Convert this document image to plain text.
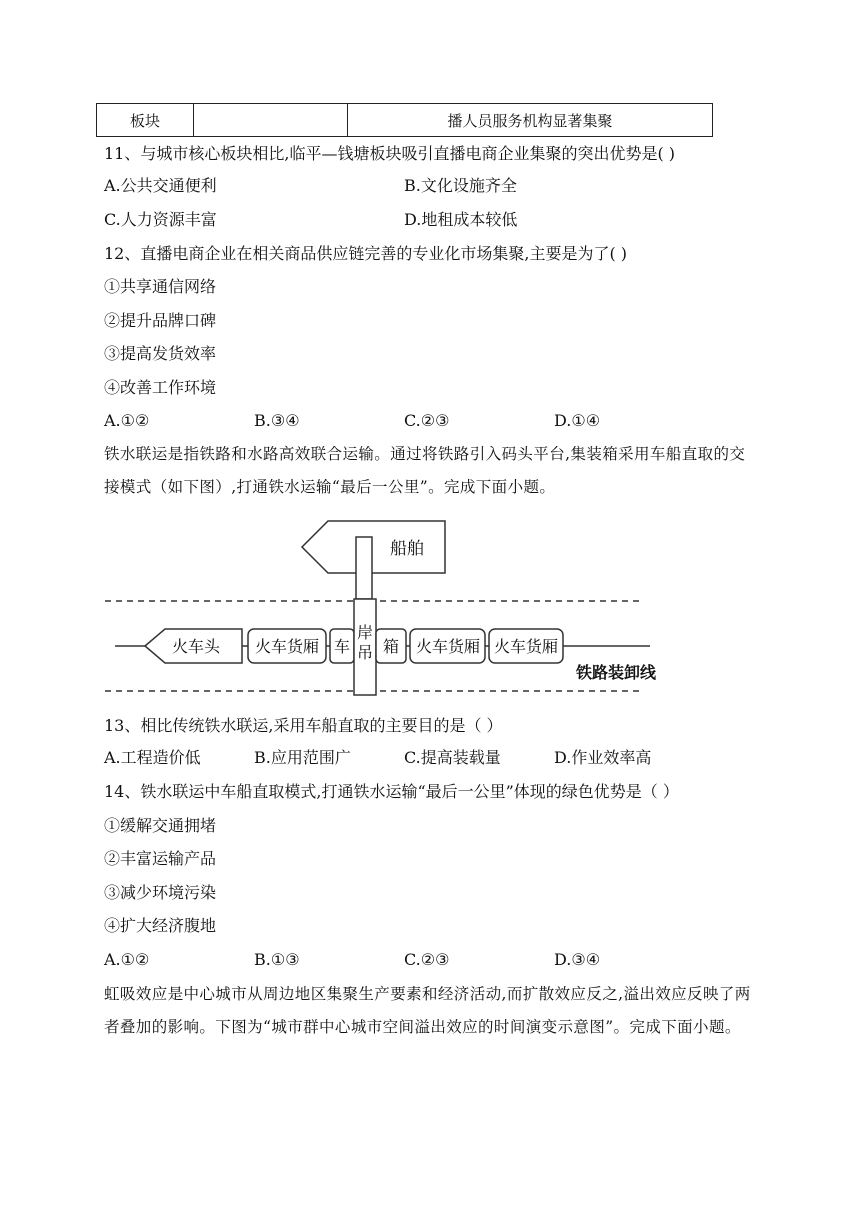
板块		播人员服务机构显著集聚
11、与城市核心板块相比,临平—钱塘板块吸引直播电商企业集聚的突出优势是( )
A.公共交通便利	B.文化设施齐全
C.人力资源丰富	D.地租成本较低
12、直播电商企业在相关商品供应链完善的专业化市场集聚,主要是为了( )
①共享通信网络
②提升品牌口碑
③提高发货效率
④改善工作环境
A.①②	B.③④	C.②③	D.①④
铁水联运是指铁路和水路高效联合运输。通过将铁路引入码头平台,集装箱采用车船直取的交接模式（如下图）,打通铁水运输“最后一公里”。完成下面小题。
船舶
火车头 火车货厢 车
岸
吊 箱 火车货厢 火车货厢
铁路装卸线
13、相比传统铁水联运,采用车船直取的主要目的是（ ）
A.工程造价低	B.应用范围广	C.提高装载量	D.作业效率高
14、铁水联运中车船直取模式,打通铁水运输“最后一公里”体现的绿色优势是（ ）
①缓解交通拥堵
②丰富运输产品
③减少环境污染
④扩大经济腹地
A.①②	B.①③	C.②③	D.③④
虹吸效应是中心城市从周边地区集聚生产要素和经济活动,而扩散效应反之,溢出效应反映了两者叠加的影响。下图为“城市群中心城市空间溢出效应的时间演变示意图”。完成下面小题。
